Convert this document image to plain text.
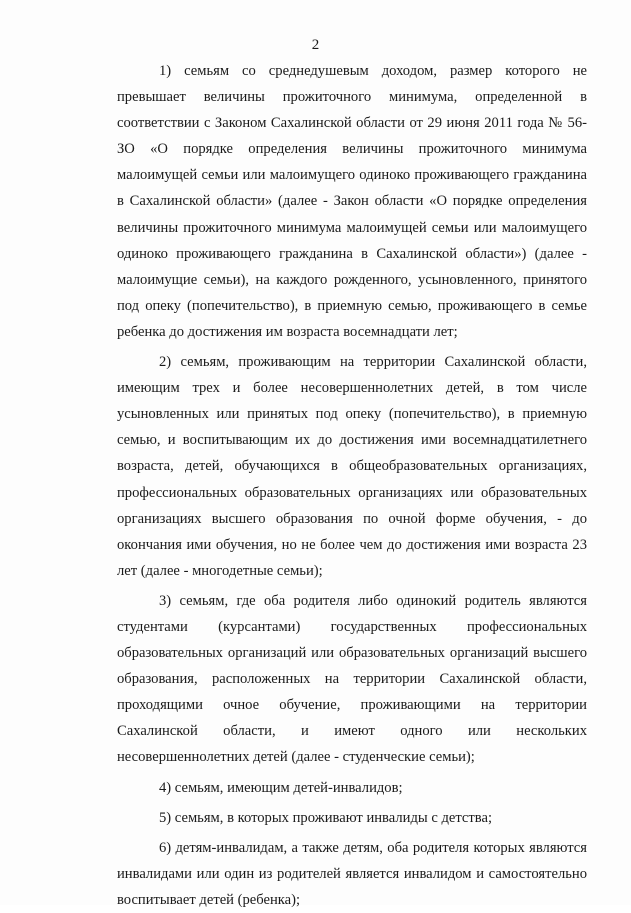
2

1) семьям со среднедушевым доходом, размер которого не превышает величины прожиточного минимума, определенной в соответствии с Законом Сахалинской области от 29 июня 2011 года № 56-ЗО «О порядке определения величины прожиточного минимума малоимущей семьи или малоимущего одиноко проживающего гражданина в Сахалинской области» (далее - Закон области «О порядке определения величины прожиточного минимума малоимущей семьи или малоимущего одиноко проживающего гражданина в Сахалинской области») (далее - малоимущие семьи), на каждого рожденного, усыновленного, принятого под опеку (попечительство), в приемную семью, проживающего в семье ребенка до достижения им возраста восемнадцати лет;

2) семьям, проживающим на территории Сахалинской области, имеющим трех и более несовершеннолетних детей, в том числе усыновленных или принятых под опеку (попечительство), в приемную семью, и воспитывающим их до достижения ими восемнадцатилетнего возраста, детей, обучающихся в общеобразовательных организациях, профессиональных образовательных организациях или образовательных организациях высшего образования по очной форме обучения, - до окончания ими обучения, но не более чем до достижения ими возраста 23 лет (далее - многодетные семьи);

3) семьям, где оба родителя либо одинокий родитель являются студентами (курсантами) государственных профессиональных образовательных организаций или образовательных организаций высшего образования, расположенных на территории Сахалинской области, проходящими очное обучение, проживающими на территории Сахалинской области, и имеют одного или нескольких несовершеннолетних детей (далее - студенческие семьи);

4) семьям, имеющим детей-инвалидов;

5) семьям, в которых проживают инвалиды с детства;

6) детям-инвалидам, а также детям, оба родителя которых являются инвалидами или один из родителей является инвалидом и самостоятельно воспитывает детей (ребенка);
